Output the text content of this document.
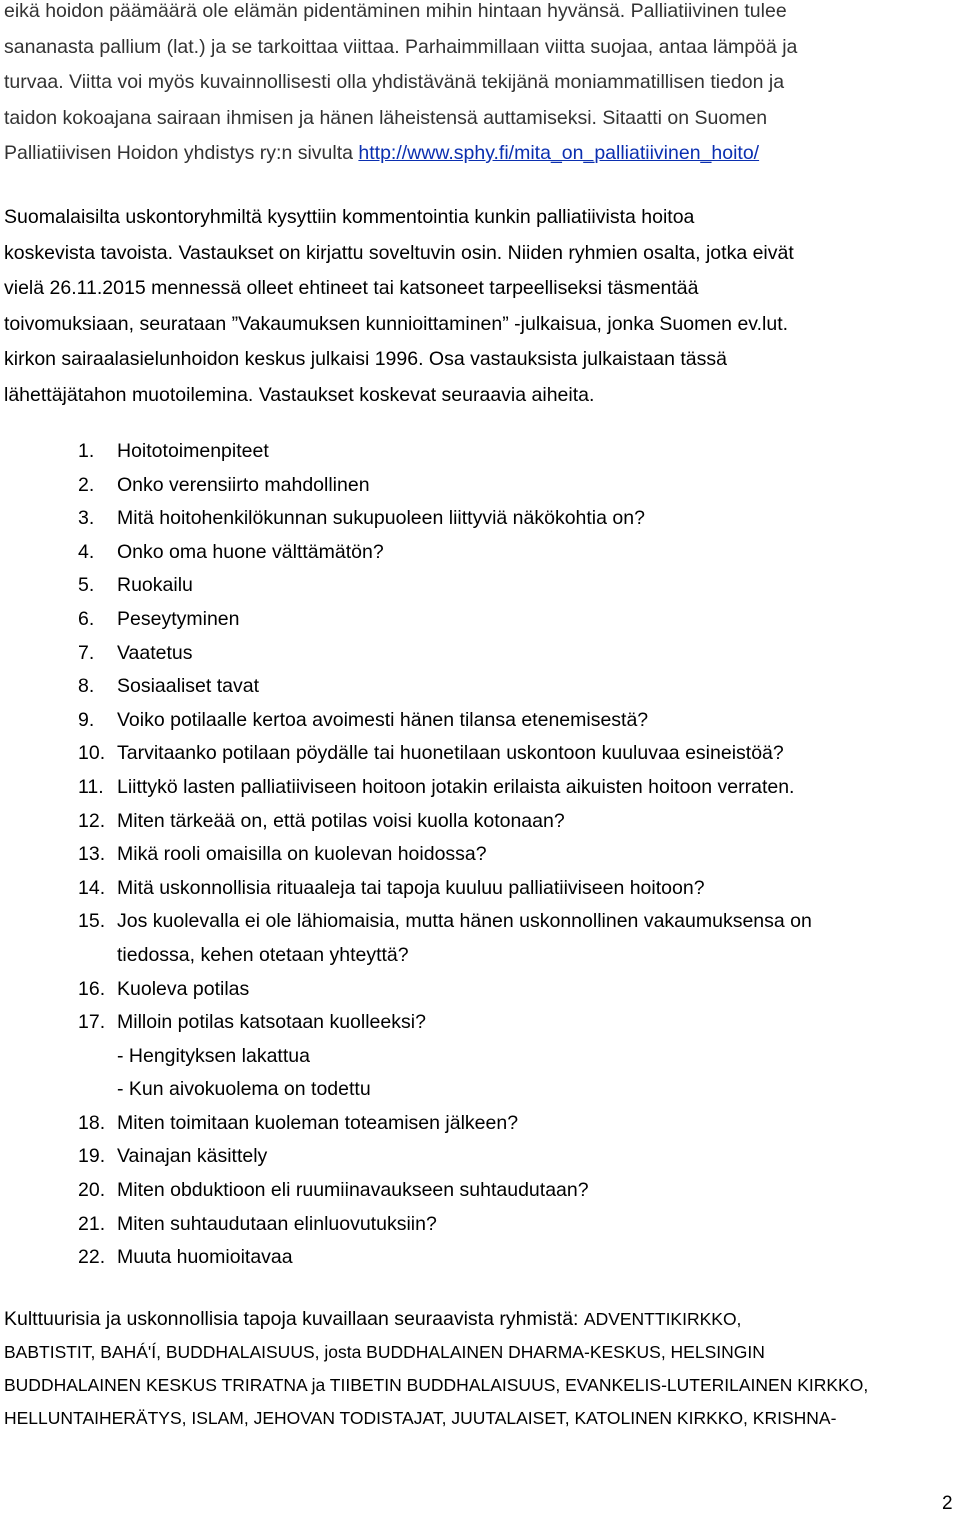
eikä hoidon päämäärä ole elämän pidentäminen mihin hintaan hyvänsä. Palliatiivinen tulee
sananasta pallium (lat.) ja se tarkoittaa viittaa. Parhaimmillaan viitta suojaa, antaa lämpöä ja
turvaa. Viitta voi myös kuvainnollisesti olla yhdistävänä tekijänä moniammatillisen tiedon ja
taidon kokoajana sairaan ihmisen ja hänen läheistensä auttamiseksi. Sitaatti on Suomen
Palliatiivisen Hoidon yhdistys ry:n sivulta http://www.sphy.fi/mita_on_palliatiivinen_hoito/

Suomalaisilta uskontoryhmiltä kysyttiin kommentointia kunkin palliatiivista hoitoa
koskevista tavoista. Vastaukset on kirjattu soveltuvin osin. Niiden ryhmien osalta, jotka eivät
vielä 26.11.2015 mennessä olleet ehtineet tai katsoneet tarpeelliseksi täsmentää
toivomuksiaan, seurataan ”Vakaumuksen kunnioittaminen” -julkaisua, jonka Suomen ev.lut.
kirkon sairaalasielunhoidon keskus julkaisi 1996. Osa vastauksista julkaistaan tässä
lähettäjätahon muotoilemina. Vastaukset koskevat seuraavia aiheita.

1. Hoitotoimenpiteet
2. Onko verensiirto mahdollinen
3. Mitä hoitohenkilökunnan sukupuoleen liittyviä näkökohtia on?
4. Onko oma huone välttämätön?
5. Ruokailu
6. Peseytyminen
7. Vaatetus
8. Sosiaaliset tavat
9. Voiko potilaalle kertoa avoimesti hänen tilansa etenemisestä?
10. Tarvitaanko potilaan pöydälle tai huonetilaan uskontoon kuuluvaa esineistöä?
11. Liittykö lasten palliatiiviseen hoitoon jotakin erilaista aikuisten hoitoon verraten.
12. Miten tärkeää on, että potilas voisi kuolla kotonaan?
13. Mikä rooli omaisilla on kuolevan hoidossa?
14. Mitä uskonnollisia rituaaleja tai tapoja kuuluu palliatiiviseen hoitoon?
15. Jos kuolevalla ei ole lähiomaisia, mutta hänen uskonnollinen vakaumuksensa on
tiedossa, kehen otetaan yhteyttä?
16. Kuoleva potilas
17. Milloin potilas katsotaan kuolleeksi?
- Hengityksen lakattua
- Kun aivokuolema on todettu
18. Miten toimitaan kuoleman toteamisen jälkeen?
19. Vainajan käsittely
20. Miten obduktioon eli ruumiinavaukseen suhtaudutaan?
21. Miten suhtaudutaan elinluovutuksiin?
22. Muuta huomioitavaa

Kulttuurisia ja uskonnollisia tapoja kuvaillaan seuraavista ryhmistä: ADVENTTIKIRKKO,
BABTISTIT, BAHÁ'Í, BUDDHALAISUUS, josta BUDDHALAINEN DHARMA-KESKUS, HELSINGIN
BUDDHALAINEN KESKUS TRIRATNA ja TIIBETIN BUDDHALAISUUS, EVANKELIS-LUTERILAINEN KIRKKO,
HELLUNTAIHERÄTYS, ISLAM, JEHOVAN TODISTAJAT, JUUTALAISET, KATOLINEN KIRKKO, KRISHNA-

2
